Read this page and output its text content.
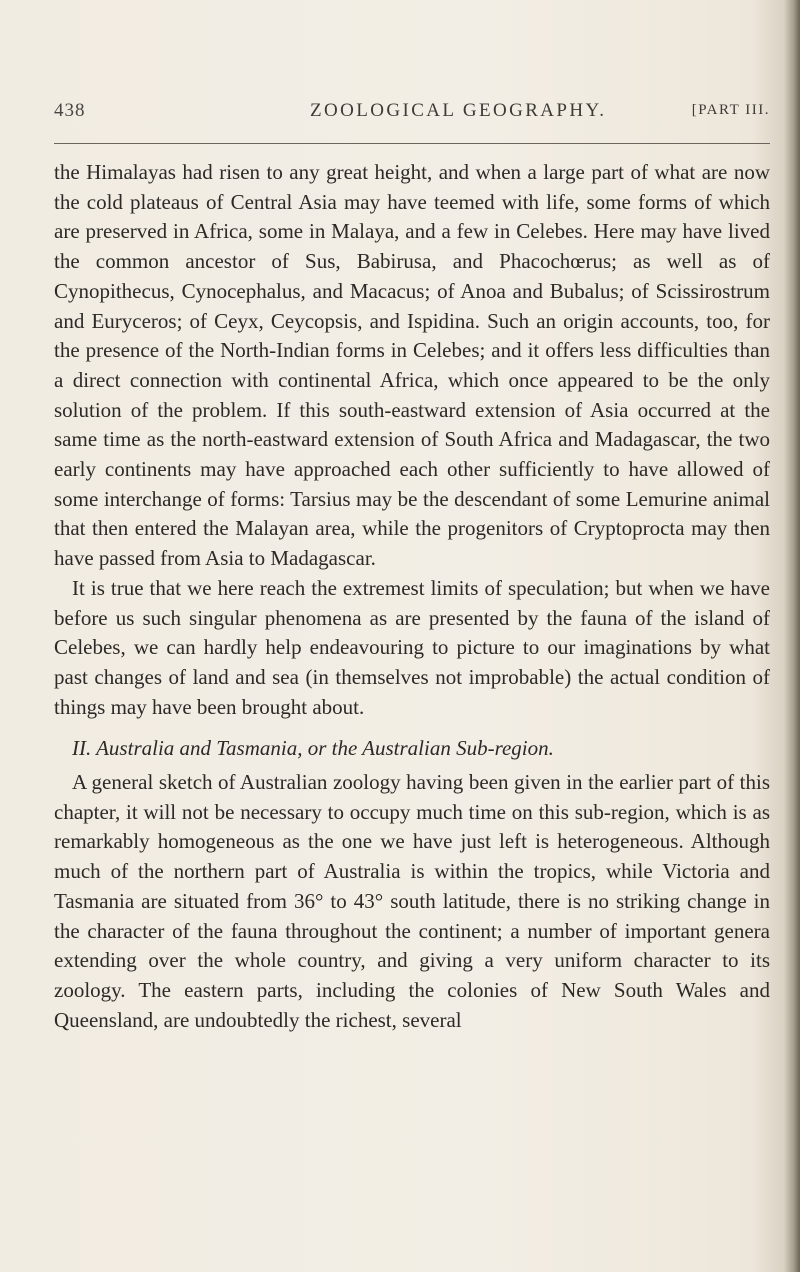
438	ZOOLOGICAL GEOGRAPHY.	[PART III.

the Himalayas had risen to any great height, and when a large part of what are now the cold plateaus of Central Asia may have teemed with life, some forms of which are preserved in Africa, some in Malaya, and a few in Celebes. Here may have lived the common ancestor of Sus, Babirusa, and Phacochœrus; as well as of Cynopithecus, Cynocephalus, and Macacus; of Anoa and Bubalus; of Scissirostrum and Euryceros; of Ceyx, Ceycopsis, and Ispidina. Such an origin accounts, too, for the presence of the North-Indian forms in Celebes; and it offers less difficulties than a direct connection with continental Africa, which once appeared to be the only solution of the problem. If this south-eastward extension of Asia occurred at the same time as the north-eastward extension of South Africa and Madagascar, the two early continents may have approached each other sufficiently to have allowed of some interchange of forms: Tarsius may be the descendant of some Lemurine animal that then entered the Malayan area, while the progenitors of Cryptoprocta may then have passed from Asia to Madagascar.

It is true that we here reach the extremest limits of speculation; but when we have before us such singular phenomena as are presented by the fauna of the island of Celebes, we can hardly help endeavouring to picture to our imaginations by what past changes of land and sea (in themselves not improbable) the actual condition of things may have been brought about.

II. Australia and Tasmania, or the Australian Sub-region.

A general sketch of Australian zoology having been given in the earlier part of this chapter, it will not be necessary to occupy much time on this sub-region, which is as remarkably homogeneous as the one we have just left is heterogeneous. Although much of the northern part of Australia is within the tropics, while Victoria and Tasmania are situated from 36° to 43° south latitude, there is no striking change in the character of the fauna throughout the continent; a number of important genera extending over the whole country, and giving a very uniform character to its zoology. The eastern parts, including the colonies of New South Wales and Queensland, are undoubtedly the richest, several
